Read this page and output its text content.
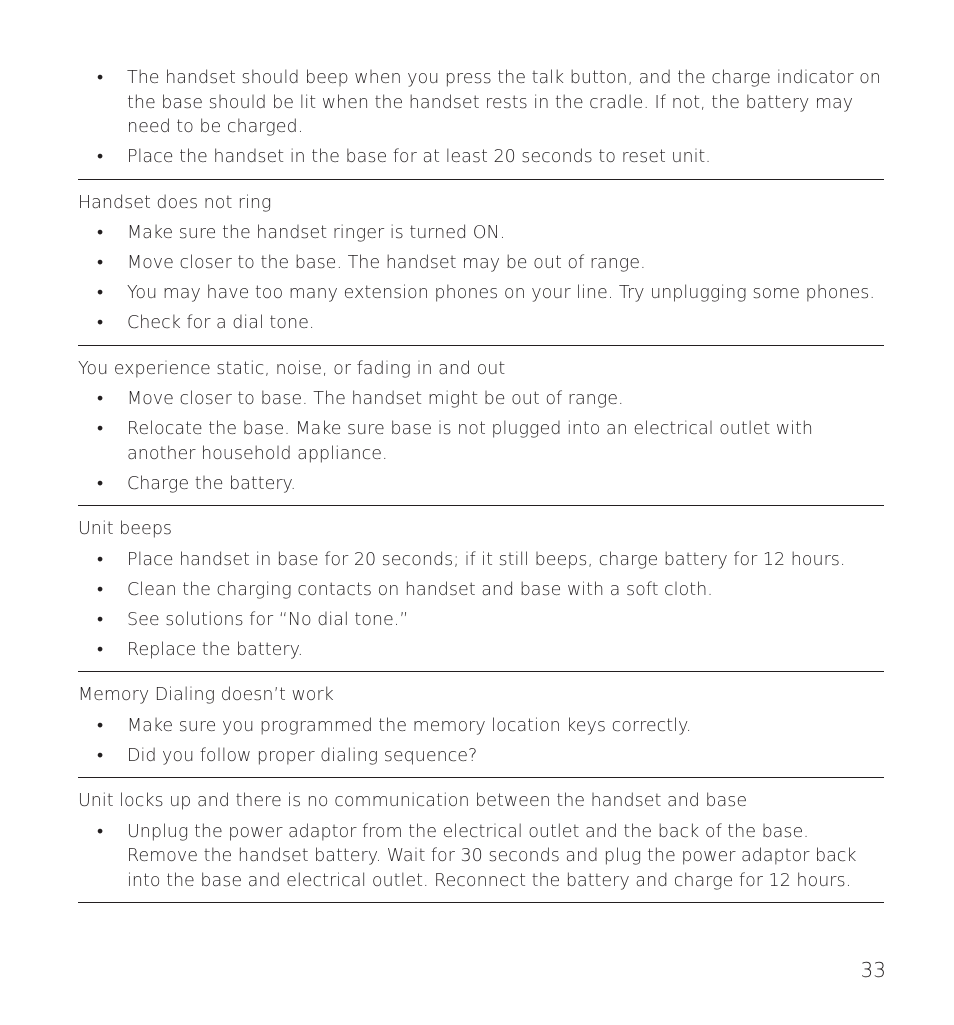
• The handset should beep when you press the talk button, and the charge indicator on the base should be lit when the handset rests in the cradle. If not, the battery may need to be charged.
• Place the handset in the base for at least 20 seconds to reset unit.
Handset does not ring
• Make sure the handset ringer is turned ON.
• Move closer to the base. The handset may be out of range.
• You may have too many extension phones on your line. Try unplugging some phones.
• Check for a dial tone.
You experience static, noise, or fading in and out
• Move closer to base. The handset might be out of range.
• Relocate the base. Make sure base is not plugged into an electrical outlet with another household appliance.
• Charge the battery.
Unit beeps
• Place handset in base for 20 seconds; if it still beeps, charge battery for 12 hours.
• Clean the charging contacts on handset and base with a soft cloth.
• See solutions for “No dial tone.”
• Replace the battery.
Memory Dialing doesn’t work
• Make sure you programmed the memory location keys correctly.
• Did you follow proper dialing sequence?
Unit locks up and there is no communication between the handset and base
• Unplug the power adaptor from the electrical outlet and the back of the base. Remove the handset battery. Wait for 30 seconds and plug the power adaptor back into the base and electrical outlet. Reconnect the battery and charge for 12 hours.
33
